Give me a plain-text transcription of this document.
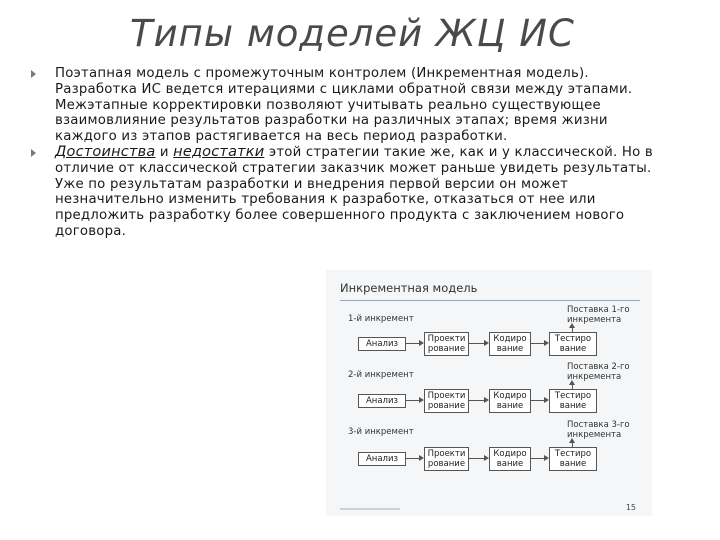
Типы моделей ЖЦ ИС
Поэтапная модель с промежуточным контролем (Инкрементная модель). Разработка ИС ведется итерациями с циклами обратной связи между этапами. Межэтапные корректировки позволяют учитывать реально существующее взаимовлияние результатов разработки на различных этапах; время жизни каждого из этапов растягивается на весь период разработки.
Достоинства и недостатки этой стратегии такие же, как и у классической. Но в отличие от классической стратегии заказчик может раньше увидеть результаты. Уже по результатам разработки и внедрения первой версии он может незначительно изменить требования к разработке, отказаться от нее или предложить разработку более совершенного продукта с заключением нового договора.
Инкрементная модель
1-й инкремент
Поставка 1-го инкремента
Анализ	Проекти рование
Кодиро вание
Тестиро вание
2-й инкремент
Поставка 2-го инкремента
Анализ	Проекти рование
Кодиро вание
Тестиро вание
3-й инкремент
Поставка 3-го инкремента
Анализ	Проекти рование
Кодиро вание
Тестиро вание
15
